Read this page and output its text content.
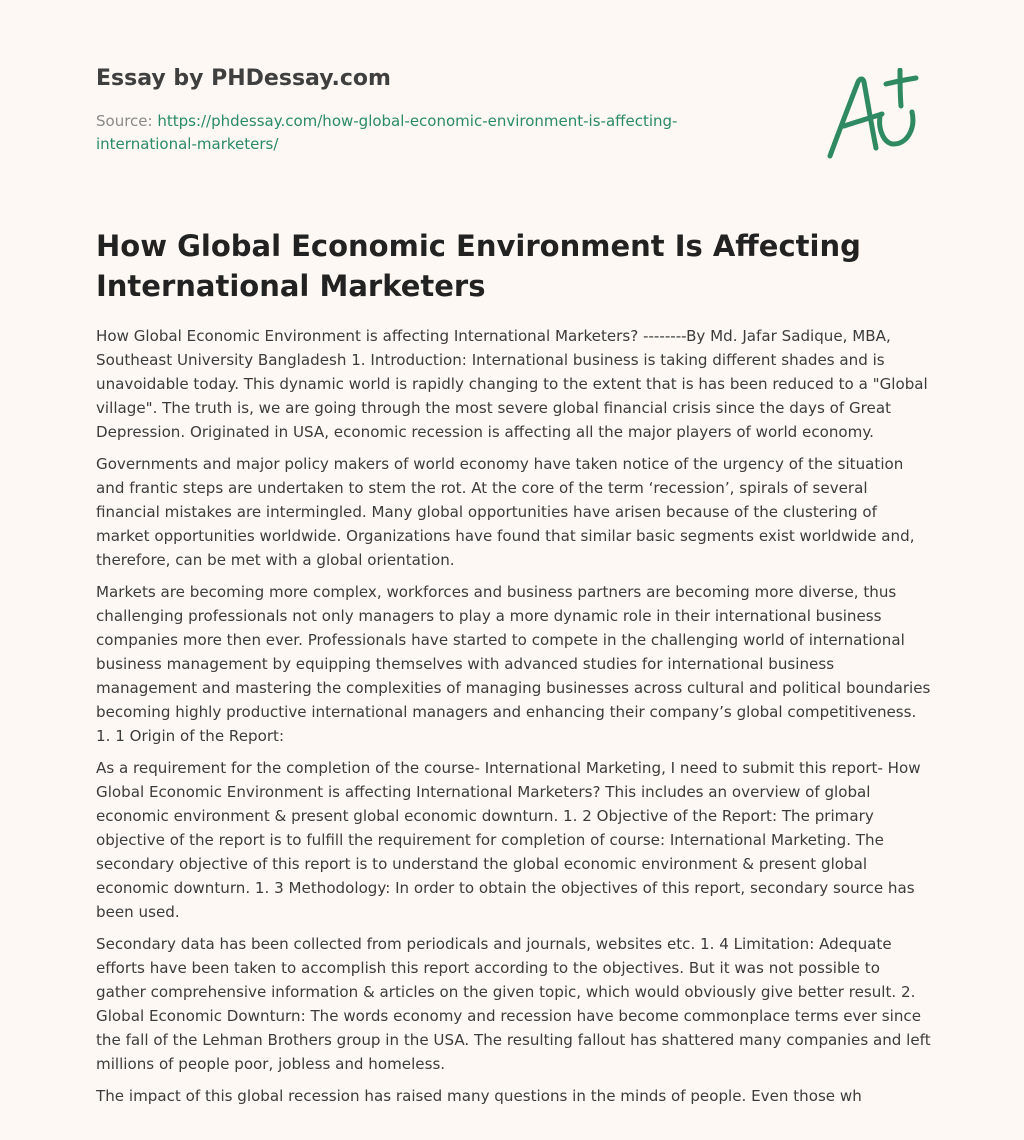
Essay by PHDessay.com
Source: https://phdessay.com/how-global-economic-environment-is-affecting-international-marketers/
How Global Economic Environment Is Affecting International Marketers

How Global Economic Environment is affecting International Marketers? --------By Md. Jafar Sadique, MBA, Southeast University Bangladesh 1. Introduction: International business is taking different shades and is unavoidable today. This dynamic world is rapidly changing to the extent that is has been reduced to a "Global village". The truth is, we are going through the most severe global financial crisis since the days of Great Depression. Originated in USA, economic recession is affecting all the major players of world economy.

Governments and major policy makers of world economy have taken notice of the urgency of the situation and frantic steps are undertaken to stem the rot. At the core of the term ‘recession’, spirals of several financial mistakes are intermingled. Many global opportunities have arisen because of the clustering of market opportunities worldwide. Organizations have found that similar basic segments exist worldwide and, therefore, can be met with a global orientation.

Markets are becoming more complex, workforces and business partners are becoming more diverse, thus challenging professionals not only managers to play a more dynamic role in their international business companies more then ever. Professionals have started to compete in the challenging world of international business management by equipping themselves with advanced studies for international business management and mastering the complexities of managing businesses across cultural and political boundaries becoming highly productive international managers and enhancing their company’s global competitiveness. 1. 1 Origin of the Report:

As a requirement for the completion of the course- International Marketing, I need to submit this report- How Global Economic Environment is affecting International Marketers? This includes an overview of global economic environment & present global economic downturn. 1. 2 Objective of the Report: The primary objective of the report is to fulfill the requirement for completion of course: International Marketing. The secondary objective of this report is to understand the global economic environment & present global economic downturn. 1. 3 Methodology: In order to obtain the objectives of this report, secondary source has been used.

Secondary data has been collected from periodicals and journals, websites etc. 1. 4 Limitation: Adequate efforts have been taken to accomplish this report according to the objectives. But it was not possible to gather comprehensive information & articles on the given topic, which would obviously give better result. 2. Global Economic Downturn: The words economy and recession have become commonplace terms ever since the fall of the Lehman Brothers group in the USA. The resulting fallout has shattered many companies and left millions of people poor, jobless and homeless.

The impact of this global recession has raised many questions in the minds of people. Even those wh
